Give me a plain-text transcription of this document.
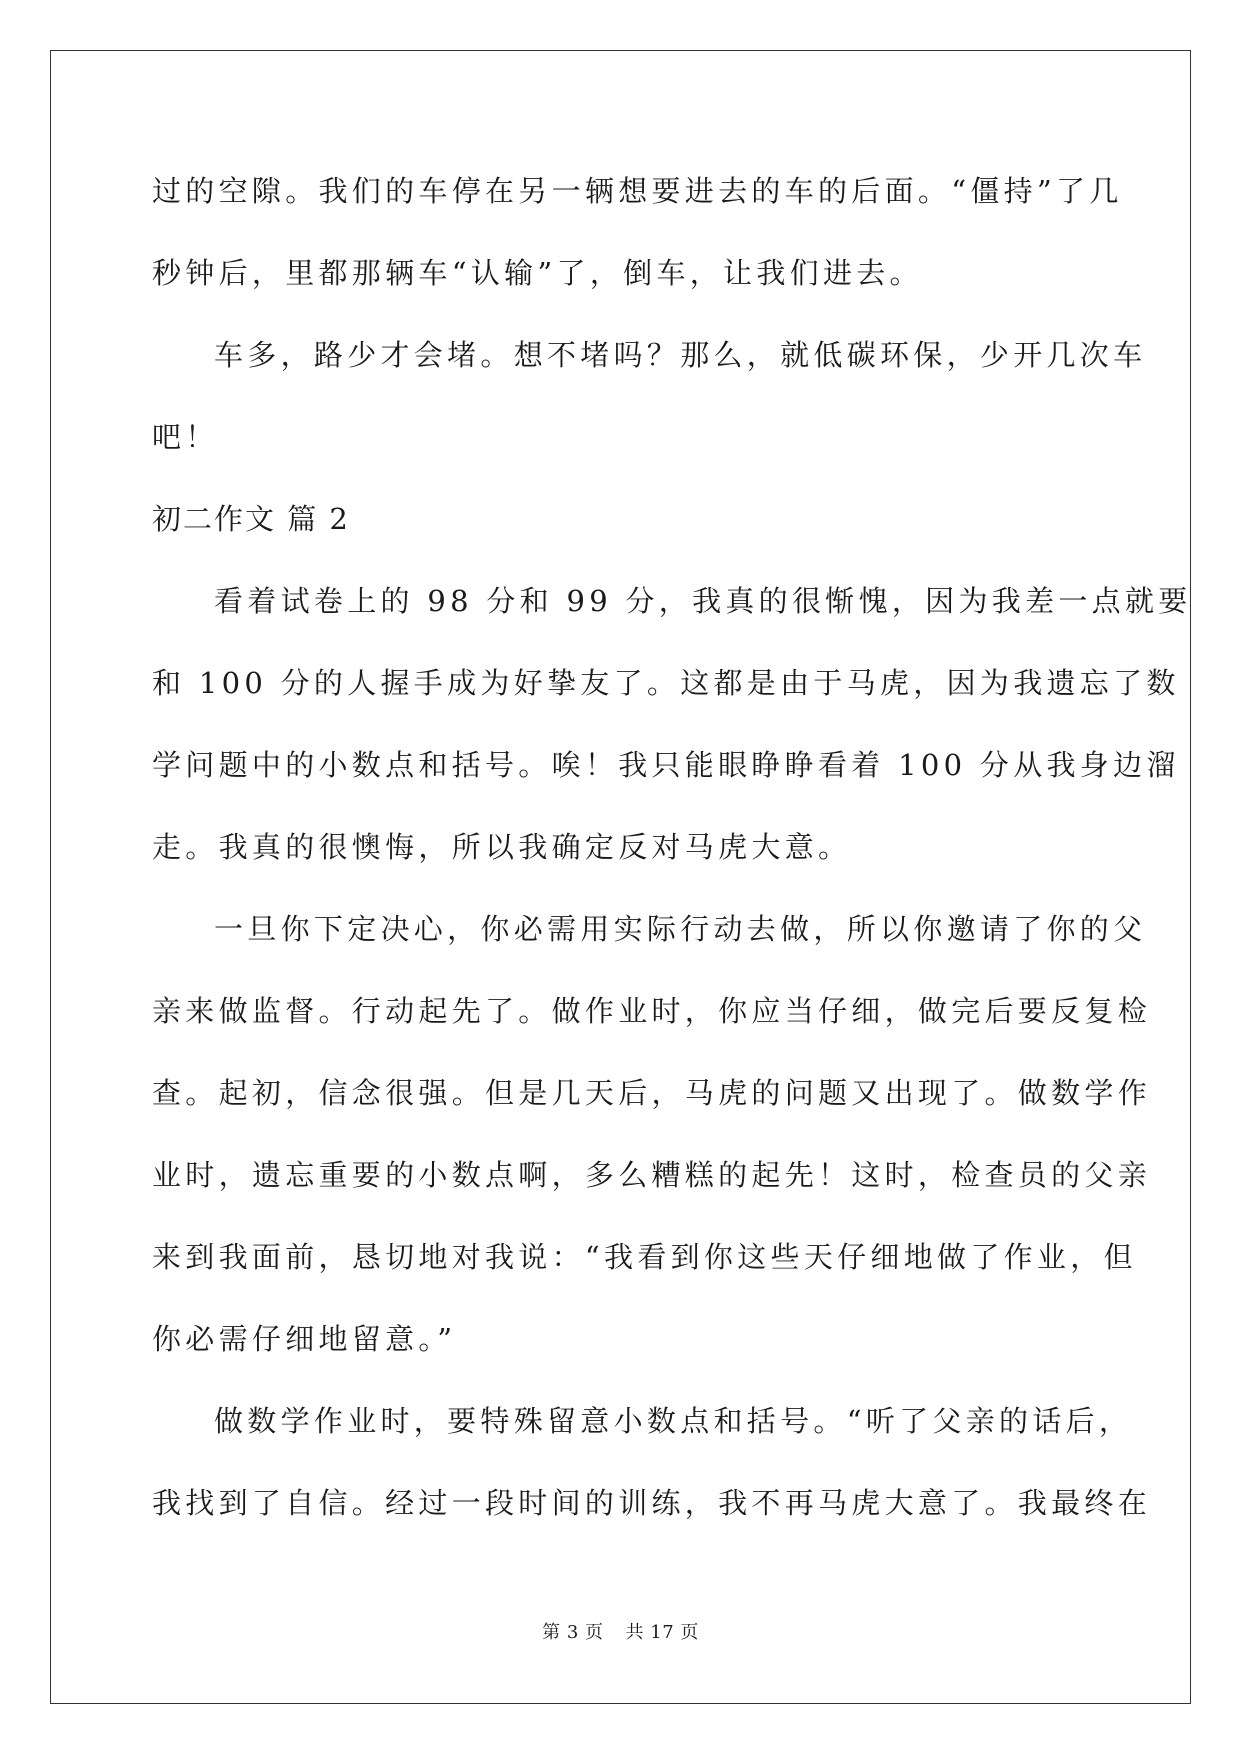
过的空隙。我们的车停在另一辆想要进去的车的后面。“僵持”了几
秒钟后，里都那辆车“认输”了，倒车，让我们进去。
车多，路少才会堵。想不堵吗？那么，就低碳环保，少开几次车
吧！
初二作文 篇 2
看着试卷上的 98 分和 99 分，我真的很惭愧，因为我差一点就要
和 100 分的人握手成为好挚友了。这都是由于马虎，因为我遗忘了数
学问题中的小数点和括号。唉！我只能眼睁睁看着 100 分从我身边溜
走。我真的很懊悔，所以我确定反对马虎大意。
一旦你下定决心，你必需用实际行动去做，所以你邀请了你的父
亲来做监督。行动起先了。做作业时，你应当仔细，做完后要反复检
查。起初，信念很强。但是几天后，马虎的问题又出现了。做数学作
业时，遗忘重要的小数点啊，多么糟糕的起先！这时，检查员的父亲
来到我面前，恳切地对我说：“我看到你这些天仔细地做了作业，但
你必需仔细地留意。”
做数学作业时，要特殊留意小数点和括号。“听了父亲的话后，
我找到了自信。经过一段时间的训练，我不再马虎大意了。我最终在
第 3 页 共 17 页
